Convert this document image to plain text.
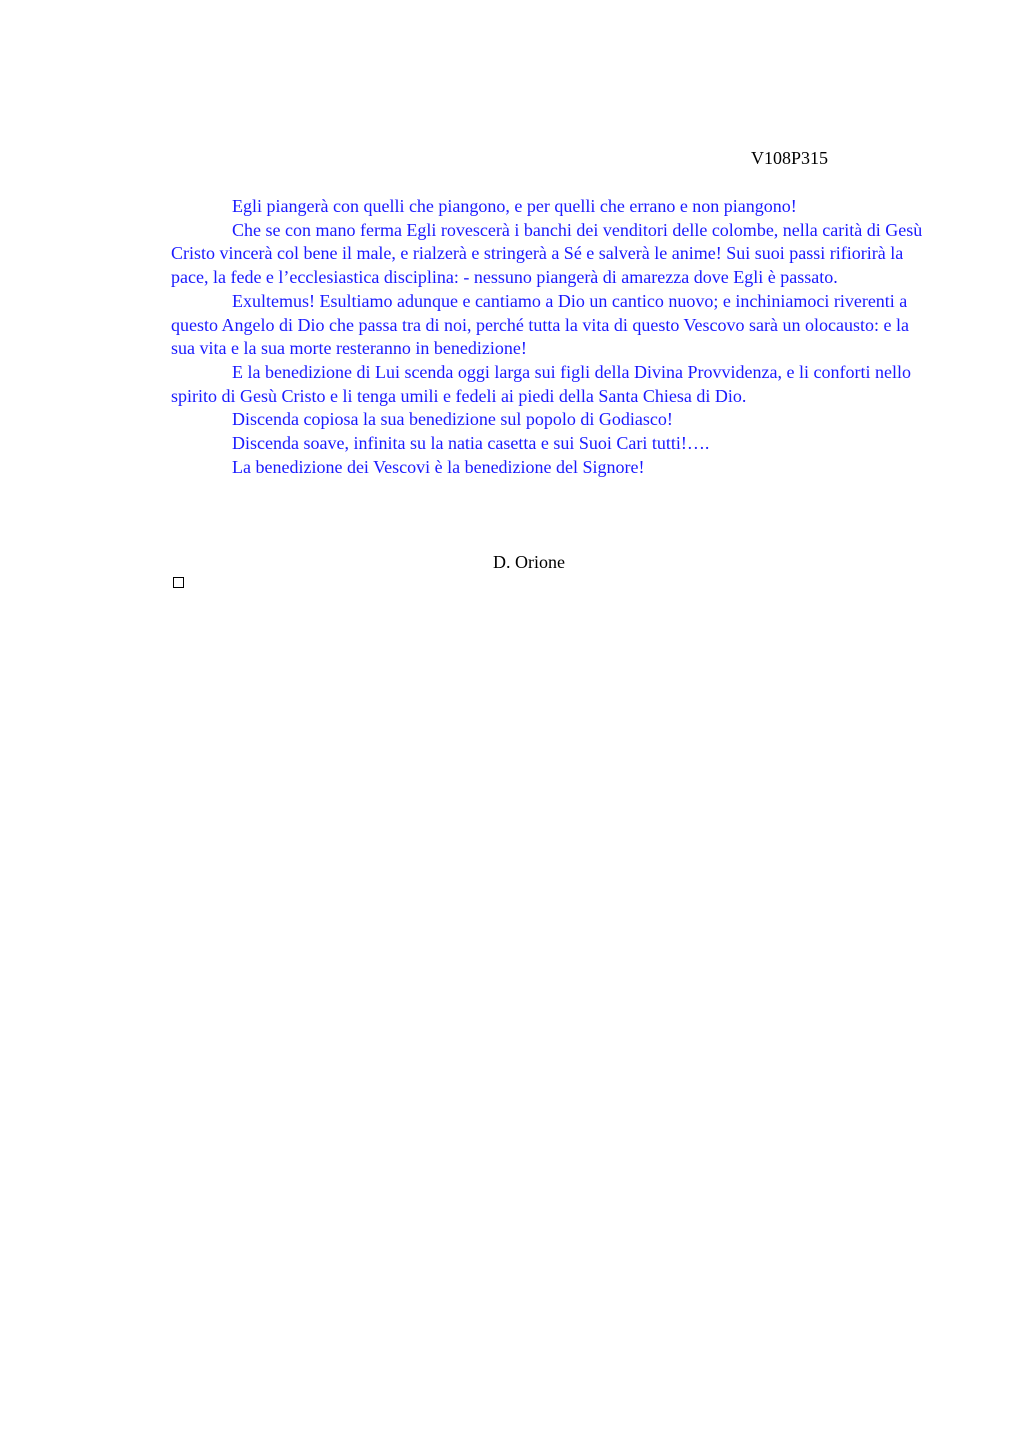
V108P315

Egli piangerà con quelli che piangono, e per quelli che errano e non piangono!

Che se con mano ferma Egli rovescerà i banchi dei venditori delle colombe, nella carità di Gesù Cristo vincerà col bene il male, e rialzerà e stringerà a Sé e salverà le anime! Sui suoi passi rifiorirà la pace, la fede e l’ecclesiastica disciplina: - nessuno piangerà di amarezza dove Egli è passato.

Exultemus! Esultiamo adunque e cantiamo a Dio un cantico nuovo; e inchiniamoci riverenti a questo Angelo di Dio che passa tra di noi, perché tutta la vita di questo Vescovo sarà un olocausto: e la sua vita e la sua morte resteranno in benedizione!

E la benedizione di Lui scenda oggi larga sui figli della Divina Provvidenza, e li conforti nello spirito di Gesù Cristo e li tenga umili e fedeli ai piedi della Santa Chiesa di Dio.

Discenda copiosa la sua benedizione sul popolo di Godiasco!

Discenda soave, infinita su la natia casetta e sui Suoi Cari tutti!….

La benedizione dei Vescovi è la benedizione del Signore!

D. Orione
